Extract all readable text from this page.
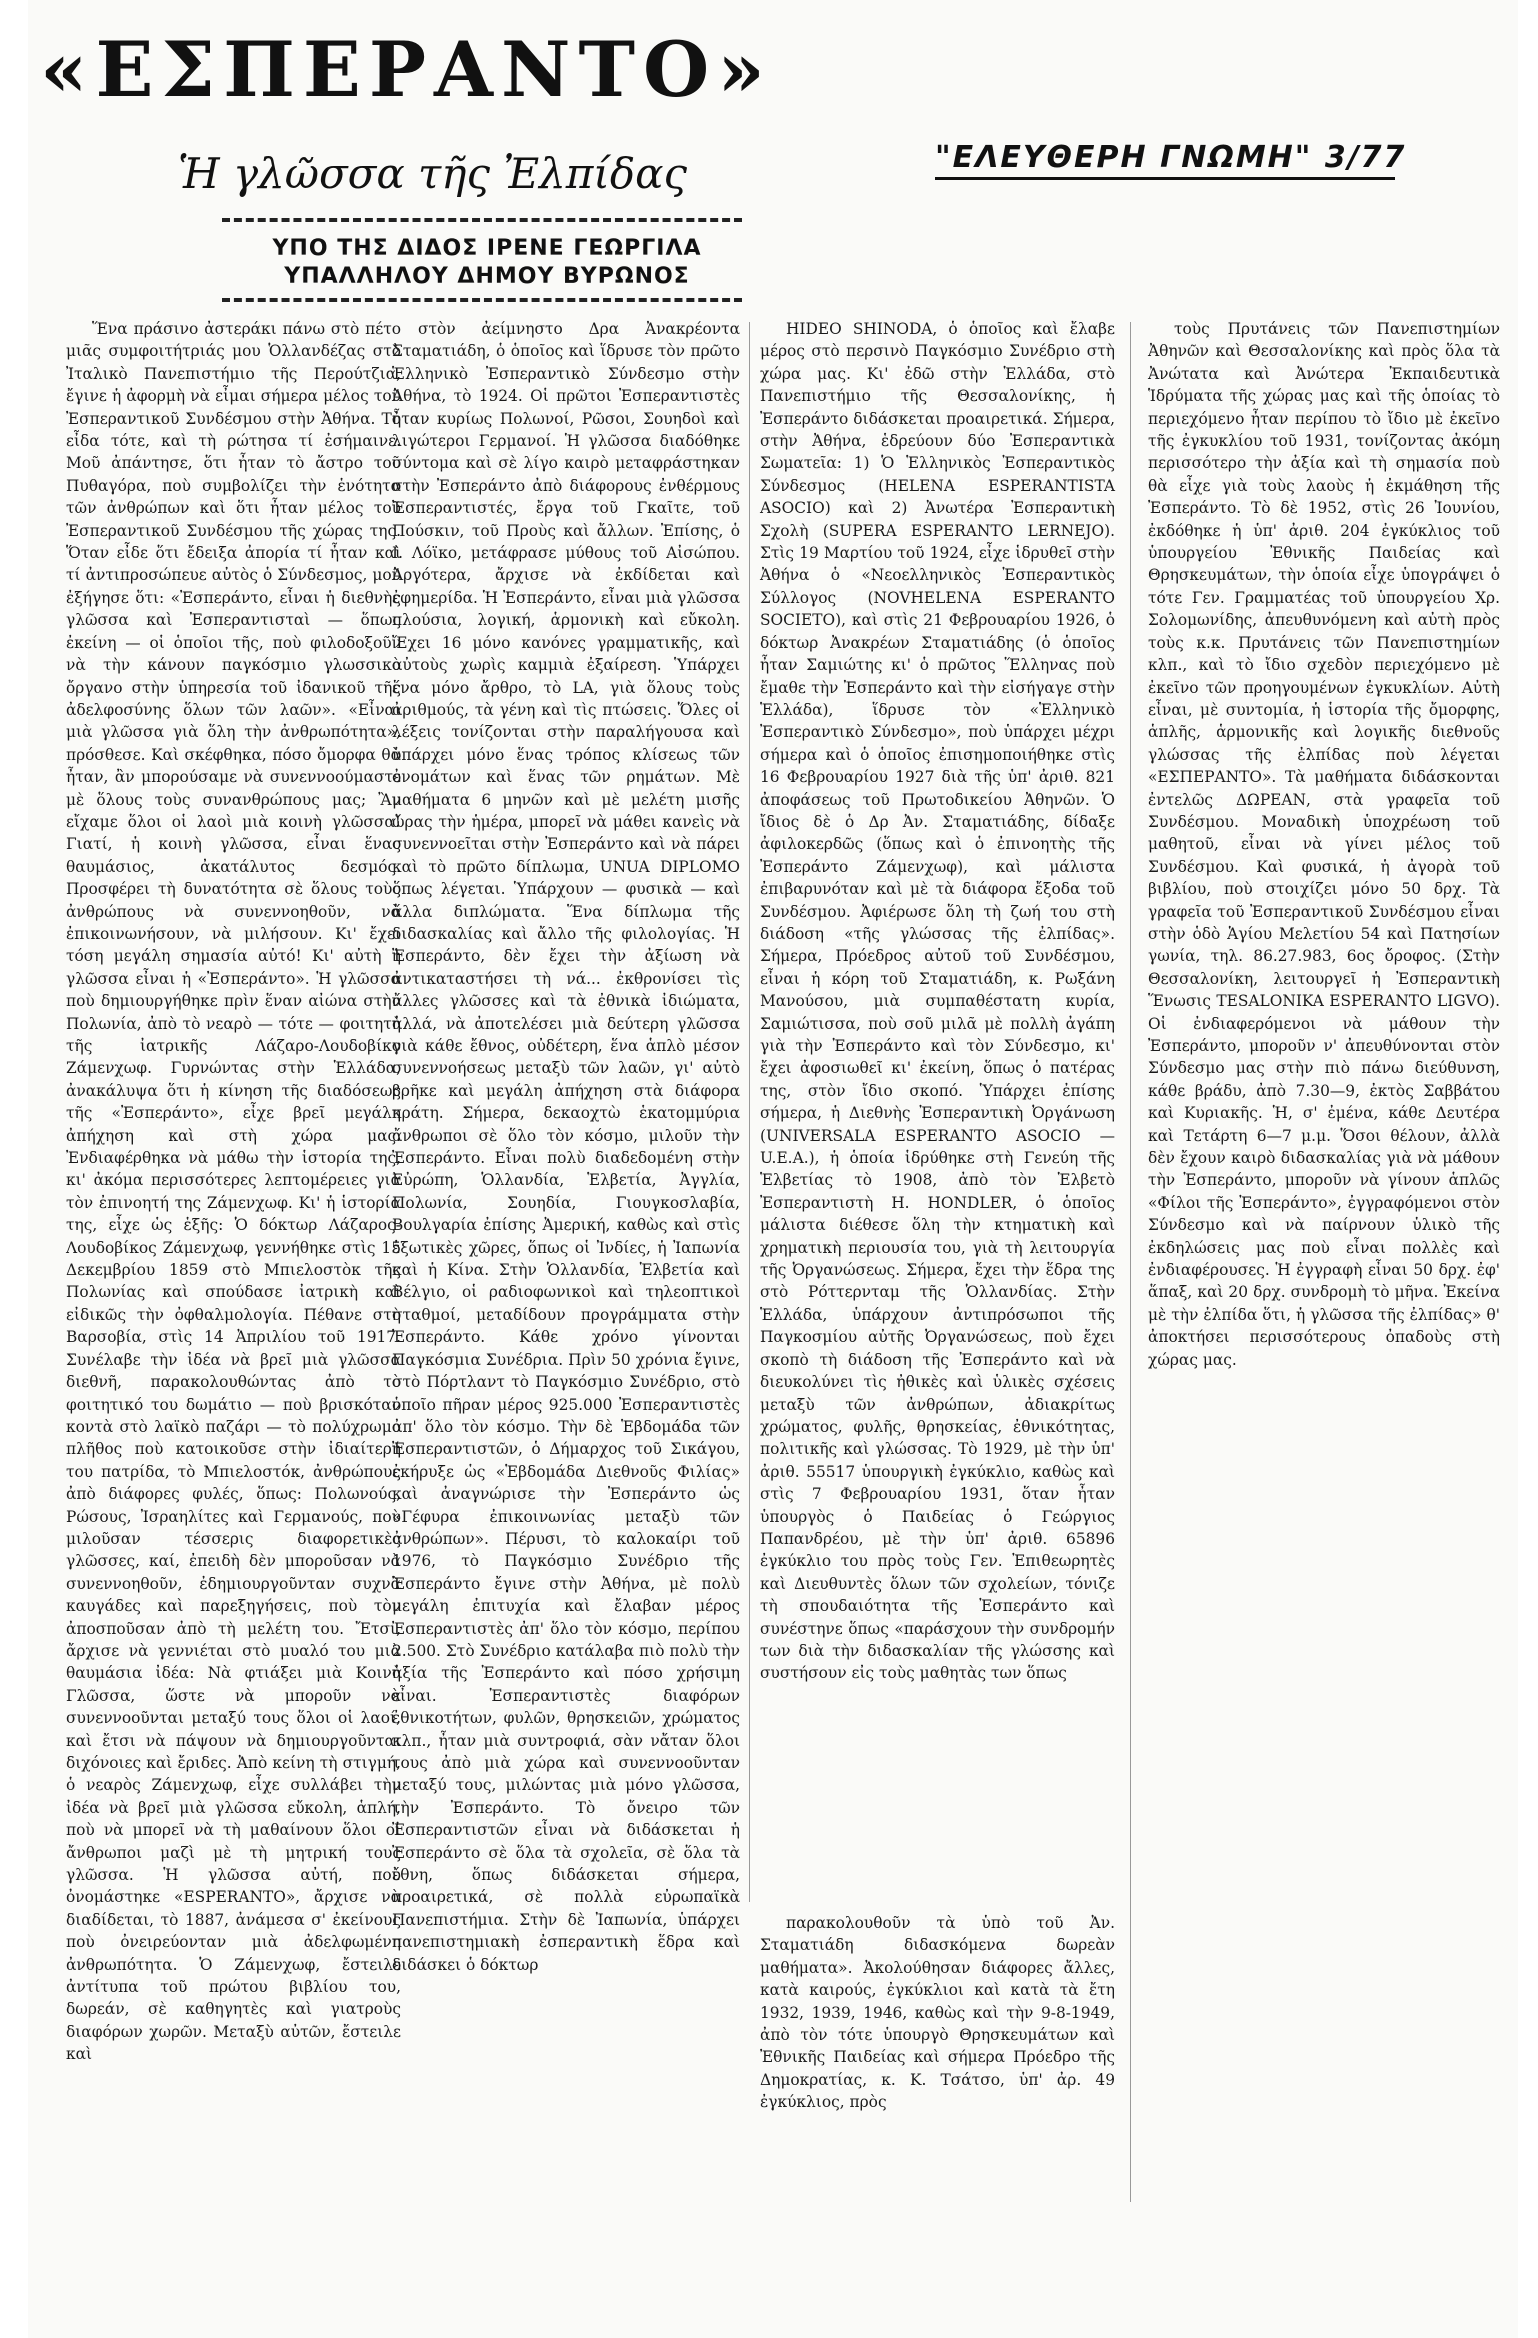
«ΕΣΠΕΡΑΝΤΟ»
Ἡ γλῶσσα τῆς Ἐλπίδας	"ΕΛΕΥΘΕΡΗ ΓΝΩΜΗ" 3/77
ΥΠΟ ΤΗΣ ΔΙΔΟΣ ΙΡΕΝΕ ΓΕΩΡΓΙΛΑ
ΥΠΑΛΛΗΛΟΥ ΔΗΜΟΥ ΒΥΡΩΝΟΣ

Ἕνα πράσινο ἀστεράκι πάνω στὸ πέτο μιᾶς συμφοιτήτριάς μου Ὁλλανδέζας στὸ Ἰταλικὸ Πανεπιστήμιο τῆς Περούτζια, ἔγινε ἡ ἀφορμὴ νὰ εἶμαι σήμερα μέλος τοῦ Ἐσπεραντικοῦ Συνδέσμου στὴν Ἀθήνα. Τὸ εἶδα τότε, καὶ τὴ ρώτησα τί ἐσήμαινε. Μοῦ ἀπάντησε, ὅτι ἦταν τὸ ἄστρο τοῦ Πυθαγόρα, ποὺ συμβολίζει τὴν ἑνότητα τῶν ἀνθρώπων καὶ ὅτι ἦταν μέλος τοῦ Ἐσπεραντικοῦ Συνδέσμου τῆς χώρας της. Ὅταν εἶδε ὅτι ἔδειξα ἀπορία τί ἦταν καὶ τί ἀντιπροσώπευε αὐτὸς ὁ Σύνδεσμος, μοῦ ἐξήγησε ὅτι: «Ἐσπεράντο, εἶναι ἡ διεθνὴς γλῶσσα καὶ Ἐσπεραντισταὶ — ὅπως ἐκείνη — οἱ ὁποῖοι τῆς, ποὺ φιλοδοξοῦν νὰ τὴν κάνουν παγκόσμιο γλωσσικὸ ὄργανο στὴν ὑπηρεσία τοῦ ἰδανικοῦ τῆς ἀδελφοσύνης ὅλων τῶν λαῶν». «Εἶναι μιὰ γλῶσσα γιὰ ὅλη τὴν ἀνθρωπότητα», πρόσθεσε. Καὶ σκέφθηκα, πόσο ὄμορφα θὰ ἦταν, ἂν μπορούσαμε νὰ συνεννοούμαστε μὲ ὅλους τοὺς συνανθρώπους μας; Ἂν εἴχαμε ὅλοι οἱ λαοὶ μιὰ κοινὴ γλῶσσα! Γιατί, ἡ κοινὴ γλῶσσα, εἶναι ἕνας θαυμάσιος, ἀκατάλυτος δεσμός. Προσφέρει τὴ δυνατότητα σὲ ὅλους τοὺς ἀνθρώπους νὰ συνεννοηθοῦν, νὰ ἐπικοινωνήσουν, νὰ μιλήσουν. Κι' ἔχει τόση μεγάλη σημασία αὐτό! Κι' αὐτὴ ἡ γλῶσσα εἶναι ἡ «Ἐσπεράντο». Ἡ γλῶσσα ποὺ δημιουργήθηκε πρὶν ἕναν αἰώνα στὴν Πολωνία, ἀπὸ τὸ νεαρὸ — τότε — φοιτητὴ τῆς ἰατρικῆς Λάζαρο-Λουδοβίκο Ζάμενχωφ. Γυρνώντας στὴν Ἑλλάδα, ἀνακάλυψα ὅτι ἡ κίνηση τῆς διαδόσεως τῆς «Ἐσπεράντο», εἶχε βρεῖ μεγάλη ἀπήχηση καὶ στὴ χώρα μας. Ἐνδιαφέρθηκα νὰ μάθω τὴν ἱστορία της, κι' ἀκόμα περισσότερες λεπτομέρειες γιὰ τὸν ἐπινοητή της Ζάμενχωφ. Κι' ἡ ἱστορία της, εἶχε ὡς ἑξῆς: Ὁ δόκτωρ Λάζαρος-Λουδοβίκος Ζάμενχωφ, γεννήθηκε στὶς 15 Δεκεμβρίου 1859 στὸ Μπιελοστὸκ τῆς Πολωνίας καὶ σπούδασε ἰατρικὴ καὶ εἰδικῶς τὴν ὀφθαλμολογία. Πέθανε στὴ Βαρσοβία, στὶς 14 Ἀπριλίου τοῦ 1917. Συνέλαβε τὴν ἰδέα νὰ βρεῖ μιὰ γλῶσσα διεθνῆ, παρακολουθώντας ἀπὸ τὸ φοιτητικό του δωμάτιο — ποὺ βρισκόταν κοντὰ στὸ λαϊκὸ παζάρι — τὸ πολύχρωμο πλῆθος ποὺ κατοικοῦσε στὴν ἰδιαίτερή του πατρίδα, τὸ Μπιελοστόκ, ἀνθρώπους ἀπὸ διάφορες φυλές, ὅπως: Πολωνούς, Ρώσους, Ἰσραηλίτες καὶ Γερμανούς, ποὺ μιλοῦσαν τέσσερις διαφορετικὲς γλῶσσες, καί, ἐπειδὴ δὲν μποροῦσαν νὰ συνεννοηθοῦν, ἐδημιουργοῦνταν συχνὰ καυγάδες καὶ παρεξηγήσεις, ποὺ τὸν ἀποσποῦσαν ἀπὸ τὴ μελέτη του. Ἔτσι, ἄρχισε νὰ γεννιέται στὸ μυαλό του μιὰ θαυμάσια ἰδέα: Νὰ φτιάξει μιὰ Κοινὴ Γλῶσσα, ὥστε νὰ μποροῦν νὰ συνεννοοῦνται μεταξύ τους ὅλοι οἱ λαοί, καὶ ἔτσι νὰ πάψουν νὰ δημιουργοῦνται διχόνοιες καὶ ἔριδες. Ἀπὸ κείνη τὴ στιγμή, ὁ νεαρὸς Ζάμενχωφ, εἶχε συλλάβει τὴν ἰδέα νὰ βρεῖ μιὰ γλῶσσα εὔκολη, ἁπλή, ποὺ νὰ μπορεῖ νὰ τὴ μαθαίνουν ὅλοι οἱ ἄνθρωποι μαζὶ μὲ τὴ μητρική τους γλῶσσα. Ἡ γλῶσσα αὐτή, ποὺ ὀνομάστηκε «ESPERANTO», ἄρχισε νὰ διαδίδεται, τὸ 1887, ἀνάμεσα σ' ἐκείνους ποὺ ὀνειρεύονταν μιὰ ἀδελφωμένη ἀνθρωπότητα. Ὁ Ζάμενχωφ, ἔστειλε ἀντίτυπα τοῦ πρώτου βιβλίου του, δωρεάν, σὲ καθηγητὲς καὶ γιατροὺς διαφόρων χωρῶν. Μεταξὺ αὐτῶν, ἔστειλε καὶ

στὸν ἀείμνηστο Δρα Ἀνακρέοντα Σταματιάδη, ὁ ὁποῖος καὶ ἵδρυσε τὸν πρῶτο Ἑλληνικὸ Ἐσπεραντικὸ Σύνδεσμο στὴν Ἀθήνα, τὸ 1924. Οἱ πρῶτοι Ἐσπεραντιστὲς ἦταν κυρίως Πολωνοί, Ρῶσοι, Σουηδοὶ καὶ λιγώτεροι Γερμανοί. Ἡ γλῶσσα διαδόθηκε σύντομα καὶ σὲ λίγο καιρὸ μεταφράστηκαν στὴν Ἐσπεράντο ἀπὸ διάφορους ἐνθέρμους Ἐσπεραντιστές, ἔργα τοῦ Γκαῖτε, τοῦ Πούσκιν, τοῦ Προὺς καὶ ἄλλων. Ἐπίσης, ὁ Ι. Λόϊκο, μετάφρασε μύθους τοῦ Αἰσώπου. Ἀργότερα, ἄρχισε νὰ ἐκδίδεται καὶ ἐφημερίδα. Ἡ Ἐσπεράντο, εἶναι μιὰ γλῶσσα πλούσια, λογική, ἁρμονικὴ καὶ εὔκολη. Ἔχει 16 μόνο κανόνες γραμματικῆς, καὶ αὐτοὺς χωρὶς καμμιὰ ἐξαίρεση. Ὑπάρχει ἕνα μόνο ἄρθρο, τὸ LA, γιὰ ὅλους τοὺς ἀριθμούς, τὰ γένη καὶ τὶς πτώσεις. Ὅλες οἱ λέξεις τονίζονται στὴν παραλήγουσα καὶ ὑπάρχει μόνο ἕνας τρόπος κλίσεως τῶν ὀνομάτων καὶ ἕνας τῶν ρημάτων. Μὲ μαθήματα 6 μηνῶν καὶ μὲ μελέτη μισῆς ὥρας τὴν ἡμέρα, μπορεῖ νὰ μάθει κανεὶς νὰ συνεννοεῖται στὴν Ἐσπεράντο καὶ νὰ πάρει καὶ τὸ πρῶτο δίπλωμα, UNUA DIPLOMO ὅπως λέγεται. Ὑπάρχουν — φυσικὰ — καὶ ἄλλα διπλώματα. Ἕνα δίπλωμα τῆς διδασκαλίας καὶ ἄλλο τῆς φιλολογίας. Ἡ Ἐσπεράντο, δὲν ἔχει τὴν ἀξίωση νὰ ἀντικαταστήσει τὴ νά... ἐκθρονίσει τὶς ἄλλες γλῶσσες καὶ τὰ ἐθνικὰ ἰδιώματα, ἀλλά, νὰ ἀποτελέσει μιὰ δεύτερη γλῶσσα γιὰ κάθε ἔθνος, οὐδέτερη, ἕνα ἁπλὸ μέσον συνεννοήσεως μεταξὺ τῶν λαῶν, γι' αὐτὸ βρῆκε καὶ μεγάλη ἀπήχηση στὰ διάφορα κράτη. Σήμερα, δεκαοχτὼ ἑκατομμύρια ἄνθρωποι σὲ ὅλο τὸν κόσμο, μιλοῦν τὴν Ἐσπεράντο. Εἶναι πολὺ διαδεδομένη στὴν Εὐρώπη, Ὁλλανδία, Ἑλβετία, Ἀγγλία, Πολωνία, Σουηδία, Γιουγκοσλαβία, Βουλγαρία ἐπίσης Ἀμερική, καθὼς καὶ στὶς ἐξωτικὲς χῶρες, ὅπως οἱ Ἰνδίες, ἡ Ἰαπωνία καὶ ἡ Κίνα. Στὴν Ὁλλανδία, Ἑλβετία καὶ Βέλγιο, οἱ ραδιοφωνικοὶ καὶ τηλεοπτικοὶ σταθμοί, μεταδίδουν προγράμματα στὴν Ἐσπεράντο. Κάθε χρόνο γίνονται Παγκόσμια Συνέδρια. Πρὶν 50 χρόνια ἔγινε, στὸ Πόρτλαντ τὸ Παγκόσμιο Συνέδριο, στὸ ὁποῖο πῆραν μέρος 925.000 Ἐσπεραντιστὲς ἀπ' ὅλο τὸν κόσμο. Τὴν δὲ Ἑβδομάδα τῶν Ἐσπεραντιστῶν, ὁ Δήμαρχος τοῦ Σικάγου, ἐκήρυξε ὡς «Ἑβδομάδα Διεθνοῦς Φιλίας» καὶ ἀναγνώρισε τὴν Ἐσπεράντο ὡς «Γέφυρα ἐπικοινωνίας μεταξὺ τῶν ἀνθρώπων». Πέρυσι, τὸ καλοκαίρι τοῦ 1976, τὸ Παγκόσμιο Συνέδριο τῆς Ἐσπεράντο ἔγινε στὴν Ἀθήνα, μὲ πολὺ μεγάλη ἐπιτυχία καὶ ἔλαβαν μέρος Ἐσπεραντιστὲς ἀπ' ὅλο τὸν κόσμο, περίπου 2.500. Στὸ Συνέδριο κατάλαβα πιὸ πολὺ τὴν ἀξία τῆς Ἐσπεράντο καὶ πόσο χρήσιμη εἶναι. Ἐσπεραντιστὲς διαφόρων ἐθνικοτήτων, φυλῶν, θρησκειῶν, χρώματος κλπ., ἦταν μιὰ συντροφιά, σὰν νἄταν ὅλοι τους ἀπὸ μιὰ χώρα καὶ συνεννοοῦνταν μεταξύ τους, μιλώντας μιὰ μόνο γλῶσσα, τὴν Ἐσπεράντο. Τὸ ὄνειρο τῶν Ἐσπεραντιστῶν εἶναι νὰ διδάσκεται ἡ Ἐσπεράντο σὲ ὅλα τὰ σχολεῖα, σὲ ὅλα τὰ ἔθνη, ὅπως διδάσκεται σήμερα, προαιρετικά, σὲ πολλὰ εὐρωπαϊκὰ Πανεπιστήμια. Στὴν δὲ Ἰαπωνία, ὑπάρχει πανεπιστημιακὴ ἐσπεραντικὴ ἕδρα καὶ διδάσκει ὁ δόκτωρ

HIDEO SHINODA, ὁ ὁποῖος καὶ ἔλαβε μέρος στὸ περσινὸ Παγκόσμιο Συνέδριο στὴ χώρα μας. Κι' ἐδῶ στὴν Ἑλλάδα, στὸ Πανεπιστήμιο τῆς Θεσσαλονίκης, ἡ Ἐσπεράντο διδάσκεται προαιρετικά. Σήμερα, στὴν Ἀθήνα, ἑδρεύουν δύο Ἐσπεραντικὰ Σωματεῖα: 1) Ὁ Ἑλληνικὸς Ἐσπεραντικὸς Σύνδεσμος (HELENA ESPERANTISTA ASOCIO) καὶ 2) Ἀνωτέρα Ἐσπεραντικὴ Σχολὴ (SUPERA ESPERANTO LERNEJO). Στὶς 19 Μαρτίου τοῦ 1924, εἶχε ἱδρυθεῖ στὴν Ἀθήνα ὁ «Νεοελληνικὸς Ἐσπεραντικὸς Σύλλογος (NOVHELENA ESPERANTO SOCIETO), καὶ στὶς 21 Φεβρουαρίου 1926, ὁ δόκτωρ Ἀνακρέων Σταματιάδης (ὁ ὁποῖος ἦταν Σαμιώτης κι' ὁ πρῶτος Ἕλληνας ποὺ ἔμαθε τὴν Ἐσπεράντο καὶ τὴν εἰσήγαγε στὴν Ἑλλάδα), ἵδρυσε τὸν «Ἑλληνικὸ Ἐσπεραντικὸ Σύνδεσμο», ποὺ ὑπάρχει μέχρι σήμερα καὶ ὁ ὁποῖος ἐπισημοποιήθηκε στὶς 16 Φεβρουαρίου 1927 διὰ τῆς ὑπ' ἀριθ. 821 ἀποφάσεως τοῦ Πρωτοδικείου Ἀθηνῶν. Ὁ ἴδιος δὲ ὁ Δρ Ἀν. Σταματιάδης, δίδαξε ἀφιλοκερδῶς (ὅπως καὶ ὁ ἐπινοητὴς τῆς Ἐσπεράντο Ζάμενχωφ), καὶ μάλιστα ἐπιβαρυνόταν καὶ μὲ τὰ διάφορα ἔξοδα τοῦ Συνδέσμου. Ἀφιέρωσε ὅλη τὴ ζωή του στὴ διάδοση «τῆς γλώσσας τῆς ἐλπίδας». Σήμερα, Πρόεδρος αὐτοῦ τοῦ Συνδέσμου, εἶναι ἡ κόρη τοῦ Σταματιάδη, κ. Ρωξάνη Μανούσου, μιὰ συμπαθέστατη κυρία, Σαμιώτισσα, ποὺ σοῦ μιλᾶ μὲ πολλὴ ἀγάπη γιὰ τὴν Ἐσπεράντο καὶ τὸν Σύνδεσμο, κι' ἔχει ἀφοσιωθεῖ κι' ἐκείνη, ὅπως ὁ πατέρας της, στὸν ἴδιο σκοπό. Ὑπάρχει ἐπίσης σήμερα, ἡ Διεθνὴς Ἐσπεραντικὴ Ὀργάνωση (UNIVERSALA ESPERANTO ASOCIO — U.E.A.), ἡ ὁποία ἱδρύθηκε στὴ Γενεύη τῆς Ἑλβετίας τὸ 1908, ἀπὸ τὸν Ἑλβετὸ Ἐσπεραντιστὴ H. HONDLER, ὁ ὁποῖος μάλιστα διέθεσε ὅλη τὴν κτηματικὴ καὶ χρηματικὴ περιουσία του, γιὰ τὴ λειτουργία τῆς Ὀργανώσεως. Σήμερα, ἔχει τὴν ἕδρα της στὸ Ρόττερνταμ τῆς Ὁλλανδίας. Στὴν Ἑλλάδα, ὑπάρχουν ἀντιπρόσωποι τῆς Παγκοσμίου αὐτῆς Ὀργανώσεως, ποὺ ἔχει σκοπὸ τὴ διάδοση τῆς Ἐσπεράντο καὶ νὰ διευκολύνει τὶς ἠθικὲς καὶ ὑλικὲς σχέσεις μεταξὺ τῶν ἀνθρώπων, ἀδιακρίτως χρώματος, φυλῆς, θρησκείας, ἐθνικότητας, πολιτικῆς καὶ γλώσσας. Τὸ 1929, μὲ τὴν ὑπ' ἀριθ. 55517 ὑπουργικὴ ἐγκύκλιο, καθὼς καὶ στὶς 7 Φεβρουαρίου 1931, ὅταν ἦταν ὑπουργὸς ὁ Παιδείας ὁ Γεώργιος Παπανδρέου, μὲ τὴν ὑπ' ἀριθ. 65896 ἐγκύκλιο του πρὸς τοὺς Γεν. Ἐπιθεωρητὲς καὶ Διευθυντὲς ὅλων τῶν σχολείων, τόνιζε τὴ σπουδαιότητα τῆς Ἐσπεράντο καὶ συνέστηνε ὅπως «παράσχουν τὴν συνδρομήν των διὰ τὴν διδασκαλίαν τῆς γλώσσης καὶ συστήσουν εἰς τοὺς μαθητὰς των ὅπως

παρακολουθοῦν τὰ ὑπὸ τοῦ Ἀν. Σταματιάδη διδασκόμενα δωρεὰν μαθήματα». Ἀκολούθησαν διάφορες ἄλλες, κατὰ καιρούς, ἐγκύκλιοι καὶ κατὰ τὰ ἔτη 1932, 1939, 1946, καθὼς καὶ τὴν 9-8-1949, ἀπὸ τὸν τότε ὑπουργὸ Θρησκευμάτων καὶ Ἐθνικῆς Παιδείας καὶ σήμερα Πρόεδρο τῆς Δημοκρατίας, κ. Κ. Τσάτσο, ὑπ' ἀρ. 49 ἐγκύκλιος, πρὸς

τοὺς Πρυτάνεις τῶν Πανεπιστημίων Ἀθηνῶν καὶ Θεσσαλονίκης καὶ πρὸς ὅλα τὰ Ἀνώτατα καὶ Ἀνώτερα Ἐκπαιδευτικὰ Ἱδρύματα τῆς χώρας μας καὶ τῆς ὁποίας τὸ περιεχόμενο ἦταν περίπου τὸ ἴδιο μὲ ἐκεῖνο τῆς ἐγκυκλίου τοῦ 1931, τονίζοντας ἀκόμη περισσότερο τὴν ἀξία καὶ τὴ σημασία ποὺ θὰ εἶχε γιὰ τοὺς λαοὺς ἡ ἐκμάθηση τῆς Ἐσπεράντο. Τὸ δὲ 1952, στὶς 26 Ἰουνίου, ἐκδόθηκε ἡ ὑπ' ἀριθ. 204 ἐγκύκλιος τοῦ ὑπουργείου Ἐθνικῆς Παιδείας καὶ Θρησκευμάτων, τὴν ὁποία εἶχε ὑπογράψει ὁ τότε Γεν. Γραμματέας τοῦ ὑπουργείου Χρ. Σολομωνίδης, ἀπευθυνόμενη καὶ αὐτὴ πρὸς τοὺς κ.κ. Πρυτάνεις τῶν Πανεπιστημίων κλπ., καὶ τὸ ἴδιο σχεδὸν περιεχόμενο μὲ ἐκεῖνο τῶν προηγουμένων ἐγκυκλίων. Αὐτὴ εἶναι, μὲ συντομία, ἡ ἱστορία τῆς ὄμορφης, ἁπλῆς, ἁρμονικῆς καὶ λογικῆς διεθνοῦς γλώσσας τῆς ἐλπίδας ποὺ λέγεται «ΕΣΠΕΡΑΝΤΟ». Τὰ μαθήματα διδάσκονται ἐντελῶς ΔΩΡΕΑΝ, στὰ γραφεῖα τοῦ Συνδέσμου. Μοναδικὴ ὑποχρέωση τοῦ μαθητοῦ, εἶναι νὰ γίνει μέλος τοῦ Συνδέσμου. Καὶ φυσικά, ἡ ἀγορὰ τοῦ βιβλίου, ποὺ στοιχίζει μόνο 50 δρχ. Τὰ γραφεῖα τοῦ Ἐσπεραντικοῦ Συνδέσμου εἶναι στὴν ὁδὸ Ἁγίου Μελετίου 54 καὶ Πατησίων γωνία, τηλ. 86.27.983, 6ος ὄροφος. (Στὴν Θεσσαλονίκη, λειτουργεῖ ἡ Ἐσπεραντικὴ Ἕνωσις TESALONIKA ESPERANTO LIGVO). Οἱ ἐνδιαφερόμενοι νὰ μάθουν τὴν Ἐσπεράντο, μποροῦν ν' ἀπευθύνονται στὸν Σύνδεσμο μας στὴν πιὸ πάνω διεύθυνση, κάθε βράδυ, ἀπὸ 7.30—9, ἐκτὸς Σαββάτου καὶ Κυριακῆς. Ἡ, σ' ἐμένα, κάθε Δευτέρα καὶ Τετάρτη 6—7 μ.μ. Ὅσοι θέλουν, ἀλλὰ δὲν ἔχουν καιρὸ διδασκαλίας γιὰ νὰ μάθουν τὴν Ἐσπεράντο, μποροῦν νὰ γίνουν ἁπλῶς «Φίλοι τῆς Ἐσπεράντο», ἐγγραφόμενοι στὸν Σύνδεσμο καὶ νὰ παίρνουν ὑλικὸ τῆς ἐκδηλώσεις μας ποὺ εἶναι πολλὲς καὶ ἐνδιαφέρουσες. Ἡ ἐγγραφὴ εἶναι 50 δρχ. ἐφ' ἅπαξ, καὶ 20 δρχ. συνδρομὴ τὸ μῆνα. Ἐκείνα μὲ τὴν ἐλπίδα ὅτι, ἡ γλῶσσα τῆς ἐλπίδας» θ' ἀποκτήσει περισσότερους ὀπαδοὺς στὴ χώρας μας.
